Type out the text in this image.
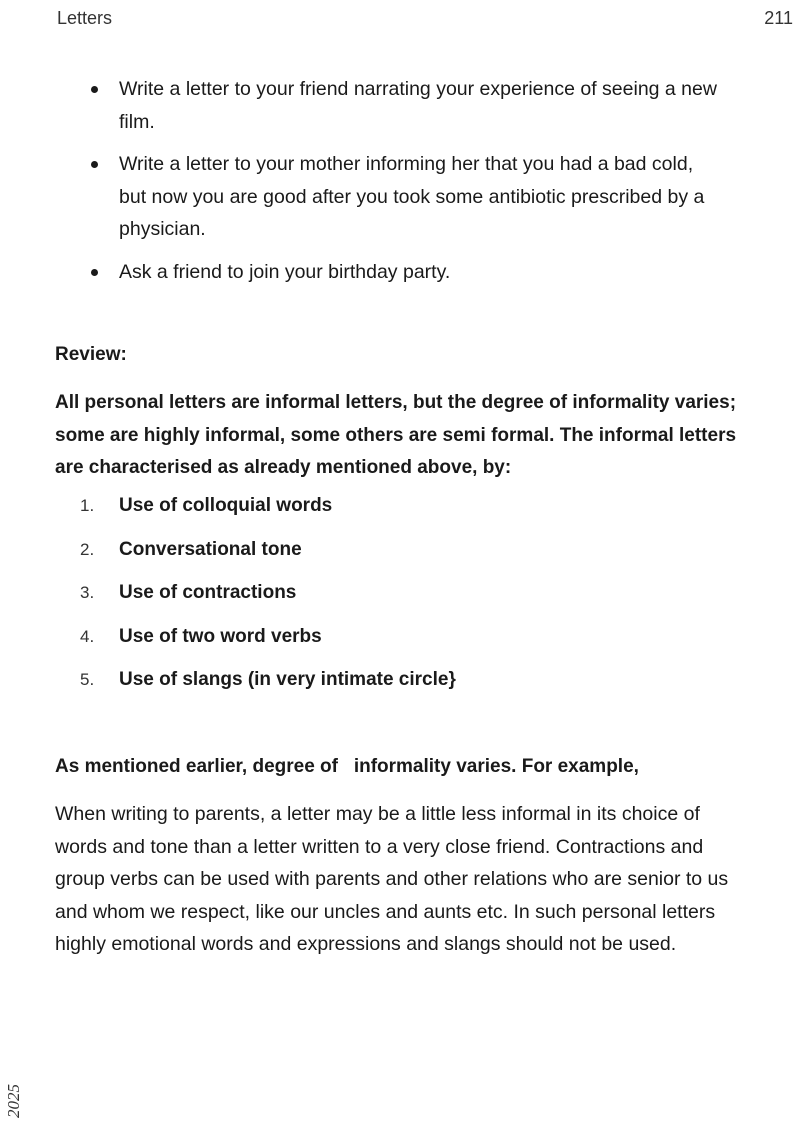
Letters	211
Write a letter to your friend narrating your experience of seeing a new
film.
Write a letter to your mother informing her that you had a bad cold,
but now you are good after you took some antibiotic prescribed by a
physician.
Ask a friend to join your birthday party.
Review:
All personal letters are informal letters, but the degree of informality varies;
some are highly informal, some others are semi formal. The informal letters
are characterised as already mentioned above, by:
1. Use of colloquial words
2. Conversational tone
3. Use of contractions
4. Use of two word verbs
5. Use of slangs (in very intimate circle}
As mentioned earlier, degree of   informality varies. For example,
When writing to parents, a letter may be a little less informal in its choice of
words and tone than a letter written to a very close friend. Contractions and
group verbs can be used with parents and other relations who are senior to us
and whom we respect, like our uncles and aunts etc. In such personal letters
highly emotional words and expressions and slangs should not be used.
2025
